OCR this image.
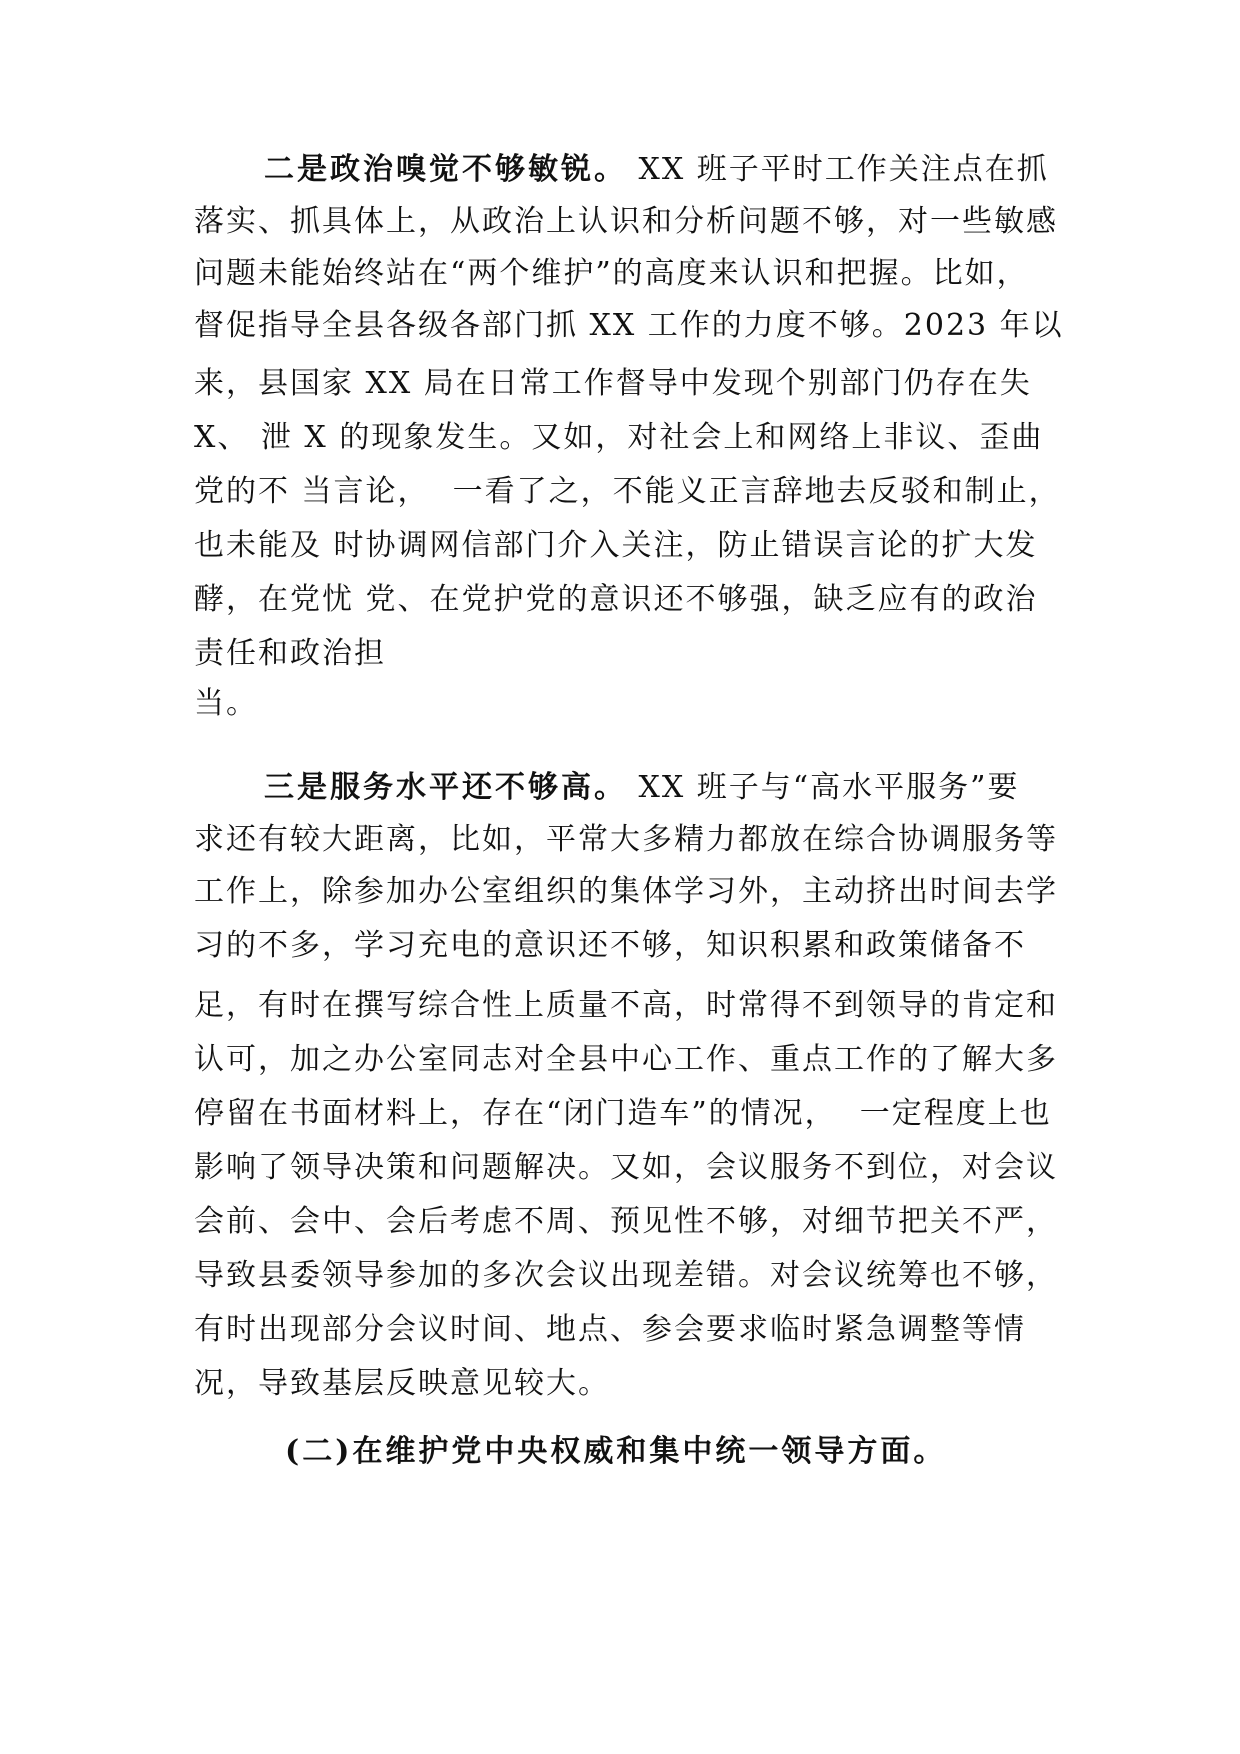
二是政治嗅觉不够敏锐。 XX 班子平时工作关注点在抓
落实、抓具体上，从政治上认识和分析问题不够，对一些敏感
问题未能始终站在“两个维护”的高度来认识和把握。比如，
督促指导全县各级各部门抓 XX 工作的力度不够。2023 年以
来，县国家 XX 局在日常工作督导中发现个别部门仍存在失
X、 泄 X 的现象发生。又如，对社会上和网络上非议、歪曲
党的不 当言论，  一看了之，不能义正言辞地去反驳和制止，
也未能及 时协调网信部门介入关注，防止错误言论的扩大发
酵，在党忧 党、在党护党的意识还不够强，缺乏应有的政治
责任和政治担
当。
三是服务水平还不够高。 XX 班子与“高水平服务”要
求还有较大距离，比如，平常大多精力都放在综合协调服务等
工作上，除参加办公室组织的集体学习外，主动挤出时间去学
习的不多，学习充电的意识还不够，知识积累和政策储备不
足，有时在撰写综合性上质量不高，时常得不到领导的肯定和
认可，加之办公室同志对全县中心工作、重点工作的了解大多
停留在书面材料上，存在“闭门造车”的情况，  一定程度上也
影响了领导决策和问题解决。又如，会议服务不到位，对会议
会前、会中、会后考虑不周、预见性不够，对细节把关不严，
导致县委领导参加的多次会议出现差错。对会议统筹也不够，
有时出现部分会议时间、地点、参会要求临时紧急调整等情
况，导致基层反映意见较大。
(二)在维护党中央权威和集中统一领导方面。
